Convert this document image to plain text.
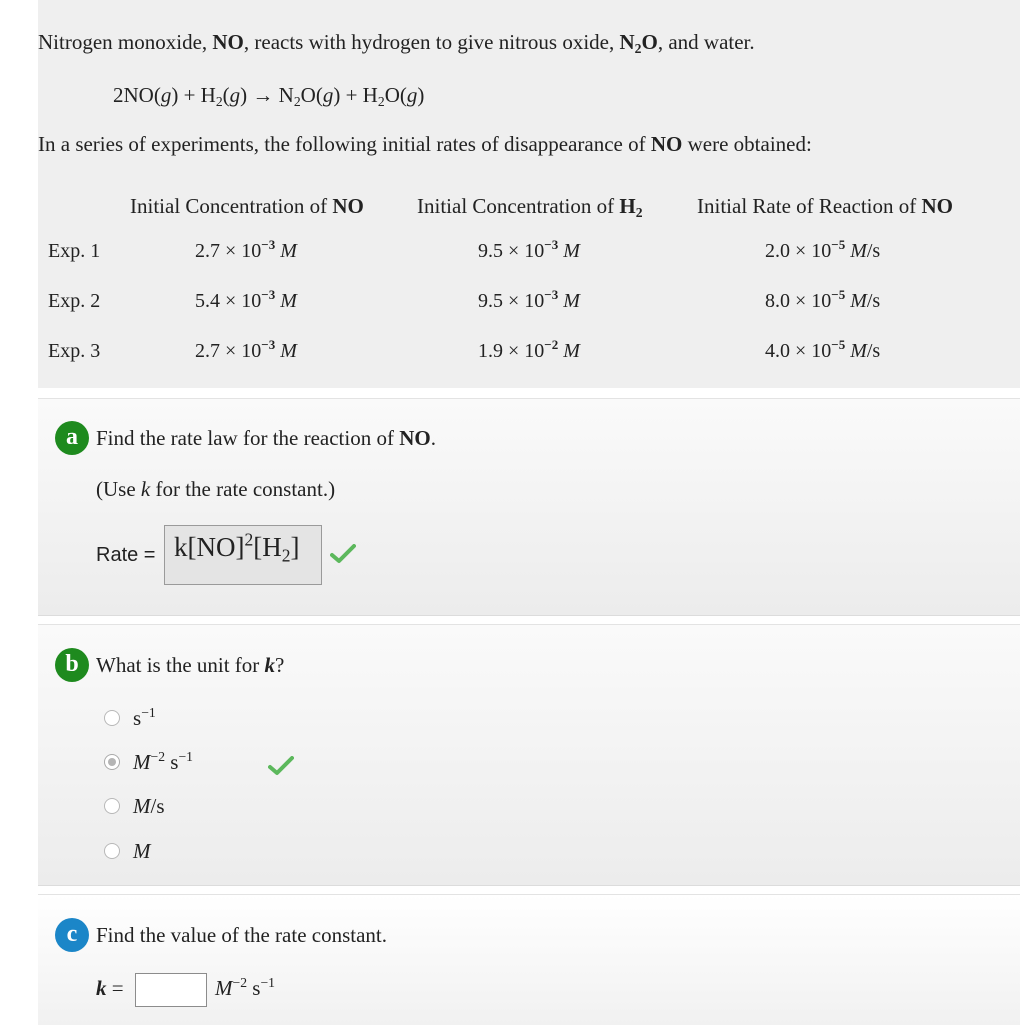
Nitrogen monoxide, NO, reacts with hydrogen to give nitrous oxide, $N_2O$, and water.
$2NO(g) + H_2(g) \to N_2O(g) + H_2O(g)$
In a series of experiments, the following initial rates of disappearance of NO were obtained:
Initial Concentration of NO	Initial Concentration of $H_2$	Initial Rate of Reaction of NO
Exp. 1	$2.7 \times 10^{-3}$ M	$9.5 \times 10^{-3}$ M	$2.0 \times 10^{-5}$ M/s
Exp. 2	$5.4 \times 10^{-3}$ M	$9.5 \times 10^{-3}$ M	$8.0 \times 10^{-5}$ M/s
Exp. 3	$2.7 \times 10^{-3}$ M	$1.9 \times 10^{-2}$ M	$4.0 \times 10^{-5}$ M/s
a Find the rate law for the reaction of NO.
(Use k for the rate constant.)
Rate = $k[NO]^2[H_2]$
b What is the unit for k?
$s^{-1}$
$M^{-2}$ $s^{-1}$
M/s
M
c Find the value of the rate constant.
k =	$M^{-2}$ $s^{-1}$
